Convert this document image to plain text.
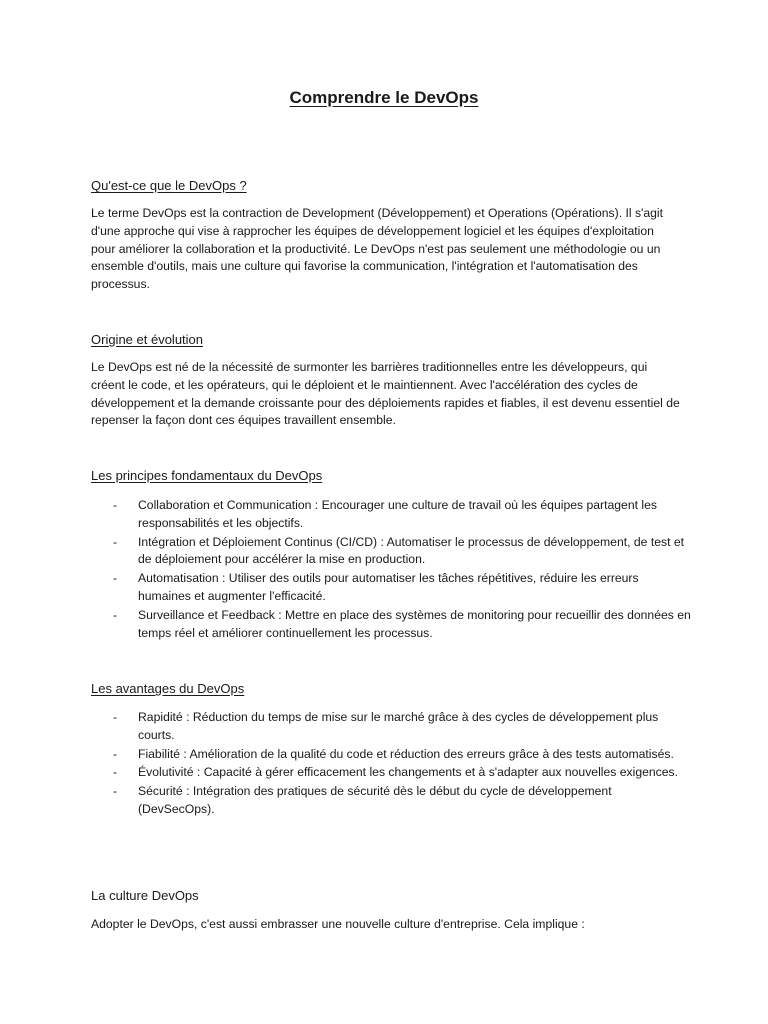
Comprendre le DevOps
Qu'est-ce que le DevOps ?

Le terme DevOps est la contraction de Development (Développement) et Operations (Opérations). Il s'agit d'une approche qui vise à rapprocher les équipes de développement logiciel et les équipes d'exploitation pour améliorer la collaboration et la productivité. Le DevOps n'est pas seulement une méthodologie ou un ensemble d'outils, mais une culture qui favorise la communication, l'intégration et l'automatisation des processus.

Origine et évolution

Le DevOps est né de la nécessité de surmonter les barrières traditionnelles entre les développeurs, qui créent le code, et les opérateurs, qui le déploient et le maintiennent. Avec l'accélération des cycles de développement et la demande croissante pour des déploiements rapides et fiables, il est devenu essentiel de repenser la façon dont ces équipes travaillent ensemble.

Les principes fondamentaux du DevOps
- Collaboration et Communication : Encourager une culture de travail où les équipes partagent les responsabilités et les objectifs.
- Intégration et Déploiement Continus (CI/CD) : Automatiser le processus de développement, de test et de déploiement pour accélérer la mise en production.
- Automatisation : Utiliser des outils pour automatiser les tâches répétitives, réduire les erreurs humaines et augmenter l'efficacité.
- Surveillance et Feedback : Mettre en place des systèmes de monitoring pour recueillir des données en temps réel et améliorer continuellement les processus.
Les avantages du DevOps
- Rapidité : Réduction du temps de mise sur le marché grâce à des cycles de développement plus courts.
- Fiabilité : Amélioration de la qualité du code et réduction des erreurs grâce à des tests automatisés.
- Évolutivité : Capacité à gérer efficacement les changements et à s'adapter aux nouvelles exigences.
- Sécurité : Intégration des pratiques de sécurité dès le début du cycle de développement (DevSecOps).
La culture DevOps

Adopter le DevOps, c'est aussi embrasser une nouvelle culture d'entreprise. Cela implique :
